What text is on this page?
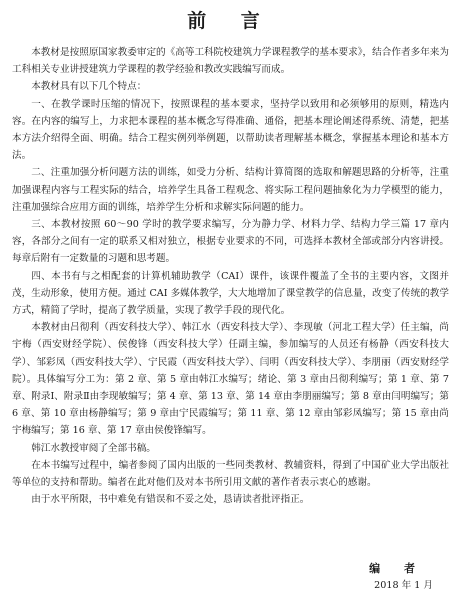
前 言

本教材是按照原国家教委审定的《高等工科院校建筑力学课程教学的基本要求》，结合作者多年来为工科相关专业讲授建筑力学课程的教学经验和教改实践编写而成。

本教材具有以下几个特点：

一、在教学课时压缩的情况下，按照课程的基本要求，坚持学以致用和必须够用的原则，精选内容。在内容的编写上，力求把本课程的基本概念写得准确、通俗，把基本理论阐述得系统、清楚，把基本方法介绍得全面、明确。结合工程实例列举例题，以帮助读者理解基本概念，掌握基本理论和基本方法。

二、注重加强分析问题方法的训练，如受力分析、结构计算简图的选取和解题思路的分析等，注重加强课程内容与工程实际的结合，培养学生具备工程观念、将实际工程问题抽象化为力学模型的能力，注重加强综合应用方面的训练，培养学生分析和求解实际问题的能力。

三、本教材按照 60～90 学时的教学要求编写，分为静力学、材料力学、结构力学三篇 17 章内容，各部分之间有一定的联系又相对独立，根据专业要求的不同，可选择本教材全部或部分内容讲授。每章后附有一定数量的习题和思考题。

四、本书有与之相配套的计算机辅助教学（CAI）课件，该课件覆盖了全书的主要内容，文图并茂，生动形象，使用方便。通过 CAI 多媒体教学，大大地增加了课堂教学的信息量，改变了传统的教学方式，精简了学时，提高了教学质量，实现了教学手段的现代化。

本教材由吕彻利（西安科技大学）、韩江水（西安科技大学）、李现敏（河北工程大学）任主编，尚宇梅（西安财经学院）、侯俊锋（西安科技大学）任副主编，参加编写的人员还有杨静（西安科技大学）、邹彩凤（西安科技大学）、宁民霞（西安科技大学）、闫明（西安科技大学）、李朋丽（西安财经学院）。具体编写分工为：第 2 章、第 5 章由韩江水编写；绪论、第 3 章由吕彻利编写；第 1 章、第 7 章、附录Ⅰ、附录Ⅱ由李现敏编写；第 4 章、第 13 章、第 14 章由李朋丽编写；第 8 章由闫明编写；第 6 章、第 10 章由杨静编写；第 9 章由宁民霞编写；第 11 章、第 12 章由邹彩凤编写；第 15 章由尚宇梅编写；第 16 章、第 17 章由侯俊锋编写。

韩江水教授审阅了全部书稿。

在本书编写过程中，编者参阅了国内出版的一些同类教材、教辅资料，得到了中国矿业大学出版社等单位的支持和帮助。编者在此对他们及对本书所引用文献的著作者表示衷心的感谢。

由于水平所限，书中难免有错误和不妥之处，恳请读者批评指正。

编 者
2018 年 1 月
